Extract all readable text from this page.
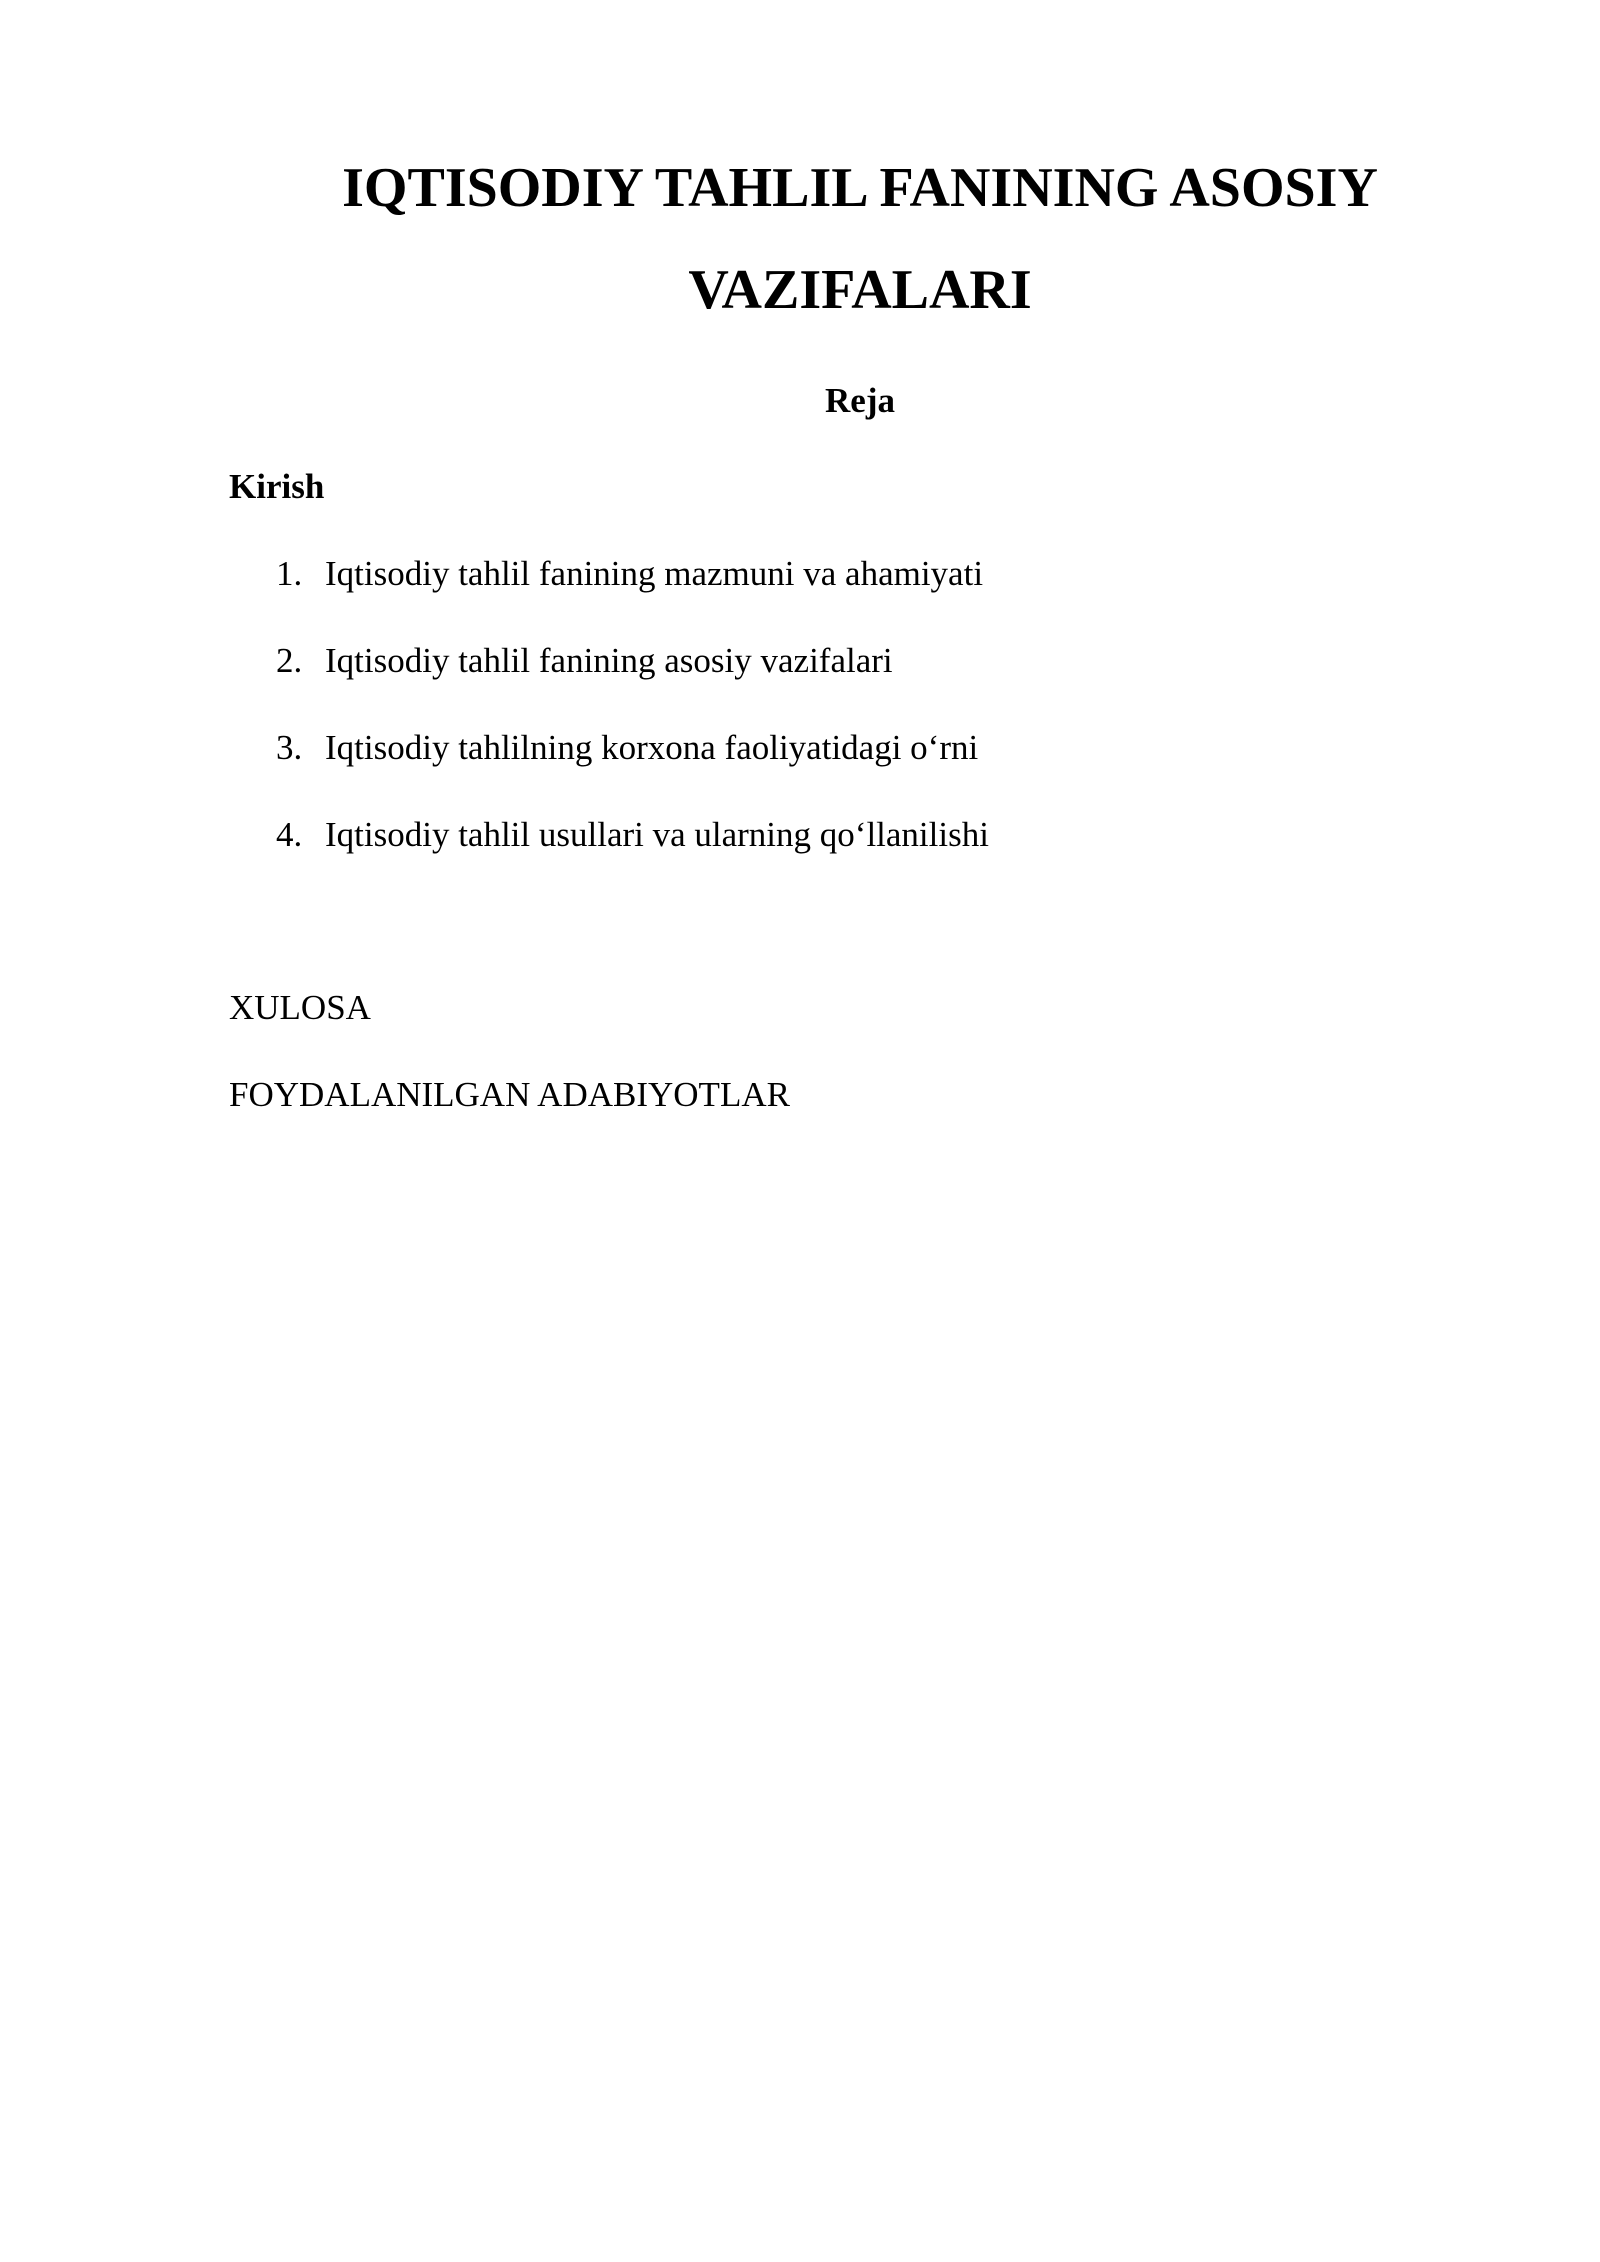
IQTISODIY TAHLIL FANINING ASOSIY
VAZIFALARI
Reja
Kirish
1. Iqtisodiy tahlil fanining mazmuni va ahamiyati
2. Iqtisodiy tahlil fanining asosiy vazifalari
3. Iqtisodiy tahlilning korxona faoliyatidagi o‘rni
4. Iqtisodiy tahlil usullari va ularning qo‘llanilishi

XULOSA

FOYDALANILGAN ADABIYOTLAR
